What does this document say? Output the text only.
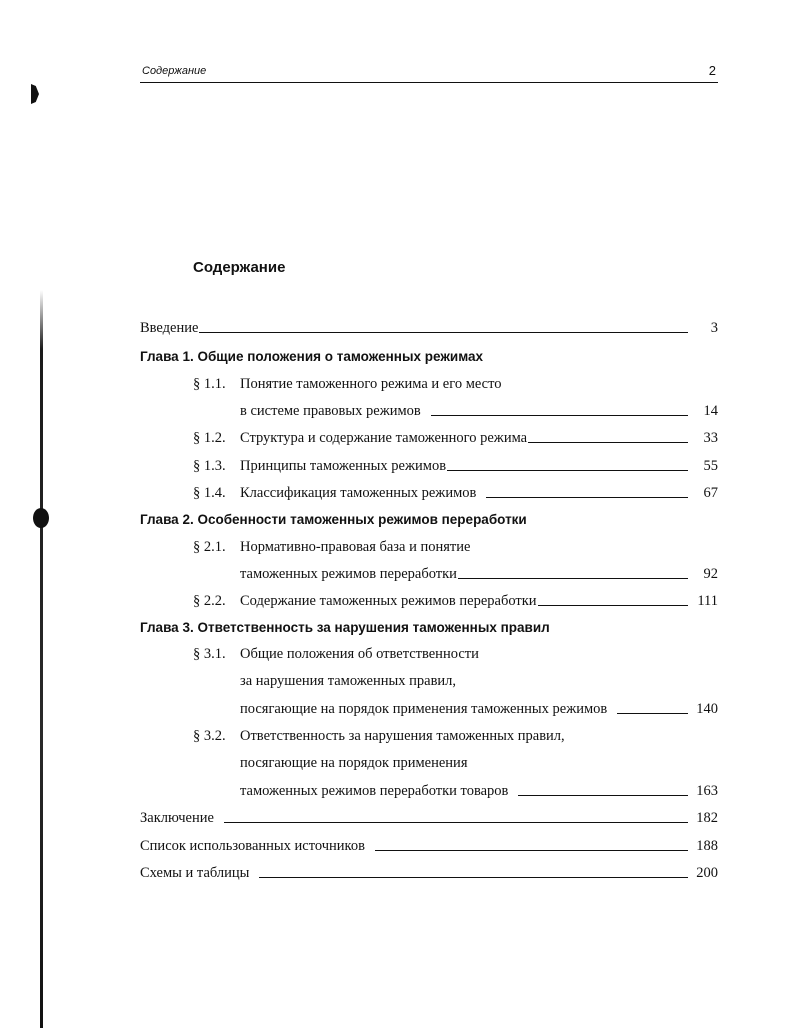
Содержание	2
Содержание
Введение	3
Глава 1. Общие положения о таможенных режимах
§ 1.1. Понятие таможенного режима и его место
в системе правовых режимов	14
§ 1.2. Структура и содержание таможенного режима	33
§ 1.3. Принципы таможенных режимов	55
§ 1.4. Классификация таможенных режимов	67
Глава 2. Особенности таможенных режимов переработки
§ 2.1. Нормативно-правовая база и понятие
таможенных режимов переработки	92
§ 2.2. Содержание таможенных режимов переработки	111
Глава 3. Ответственность за нарушения таможенных правил
§ 3.1. Общие положения об ответственности
за нарушения таможенных правил,
посягающие на порядок применения таможенных режимов	140
§ 3.2. Ответственность за нарушения таможенных правил,
посягающие на порядок применения
таможенных режимов переработки товаров	163
Заключение	182
Список использованных источников	188
Схемы и таблицы	200
